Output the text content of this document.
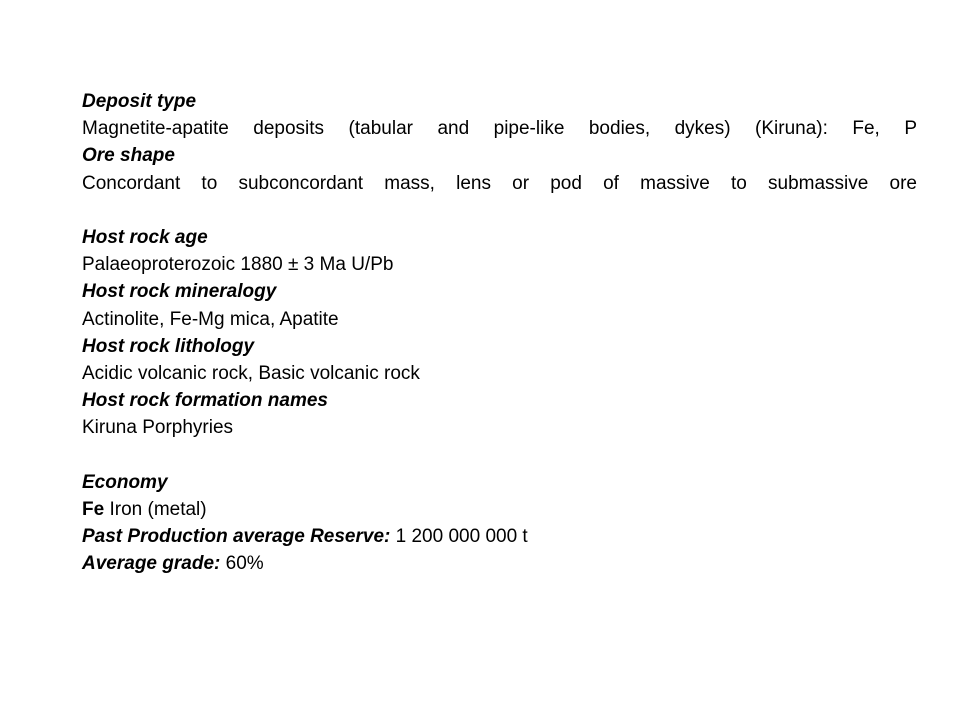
Deposit type
Magnetite-apatite deposits (tabular and pipe-like bodies, dykes) (Kiruna): Fe, P
Ore shape
Concordant to subconcordant mass, lens or pod of massive to submassive ore
Host rock age
Palaeoproterozoic 1880 ± 3 Ma U/Pb
Host rock mineralogy
Actinolite, Fe-Mg mica, Apatite
Host rock lithology
Acidic volcanic rock, Basic volcanic rock
Host rock formation names
Kiruna Porphyries
Economy
Fe Iron (metal)
Past Production average Reserve: 1 200 000 000 t
Average grade: 60%
